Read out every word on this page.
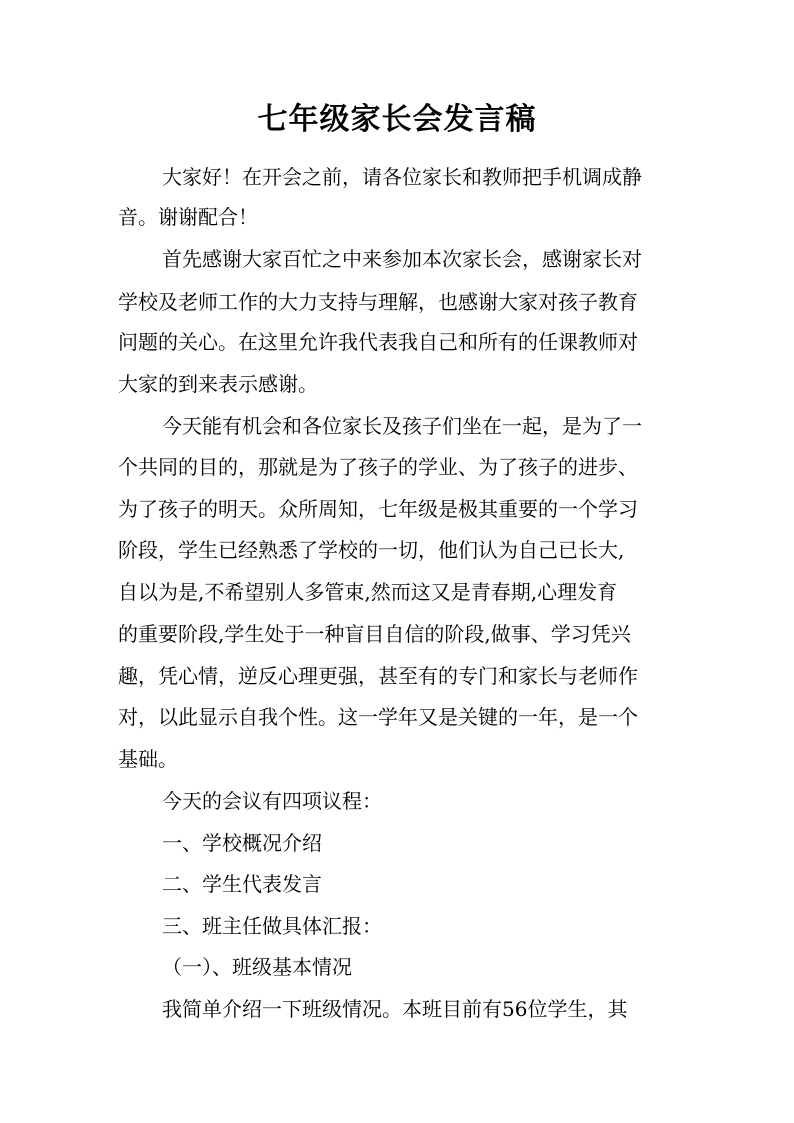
七年级家长会发言稿
大家好！在开会之前，请各位家长和教师把手机调成静
音。谢谢配合！
首先感谢大家百忙之中来参加本次家长会，感谢家长对
学校及老师工作的大力支持与理解，也感谢大家对孩子教育
问题的关心。在这里允许我代表我自己和所有的任课教师对
大家的到来表示感谢。
今天能有机会和各位家长及孩子们坐在一起，是为了一
个共同的目的，那就是为了孩子的学业、为了孩子的进步、
为了孩子的明天。众所周知，七年级是极其重要的一个学习
阶段，学生已经熟悉了学校的一切，他们认为自己已长大,
自以为是,不希望别人多管束,然而这又是青春期,心理发育
的重要阶段,学生处于一种盲目自信的阶段,做事、学习凭兴
趣，凭心情，逆反心理更强，甚至有的专门和家长与老师作
对，以此显示自我个性。这一学年又是关键的一年，是一个
基础。
今天的会议有四项议程：
一、学校概况介绍
二、学生代表发言
三、班主任做具体汇报：
（一）、班级基本情况
我简单介绍一下班级情况。本班目前有56位学生，其
